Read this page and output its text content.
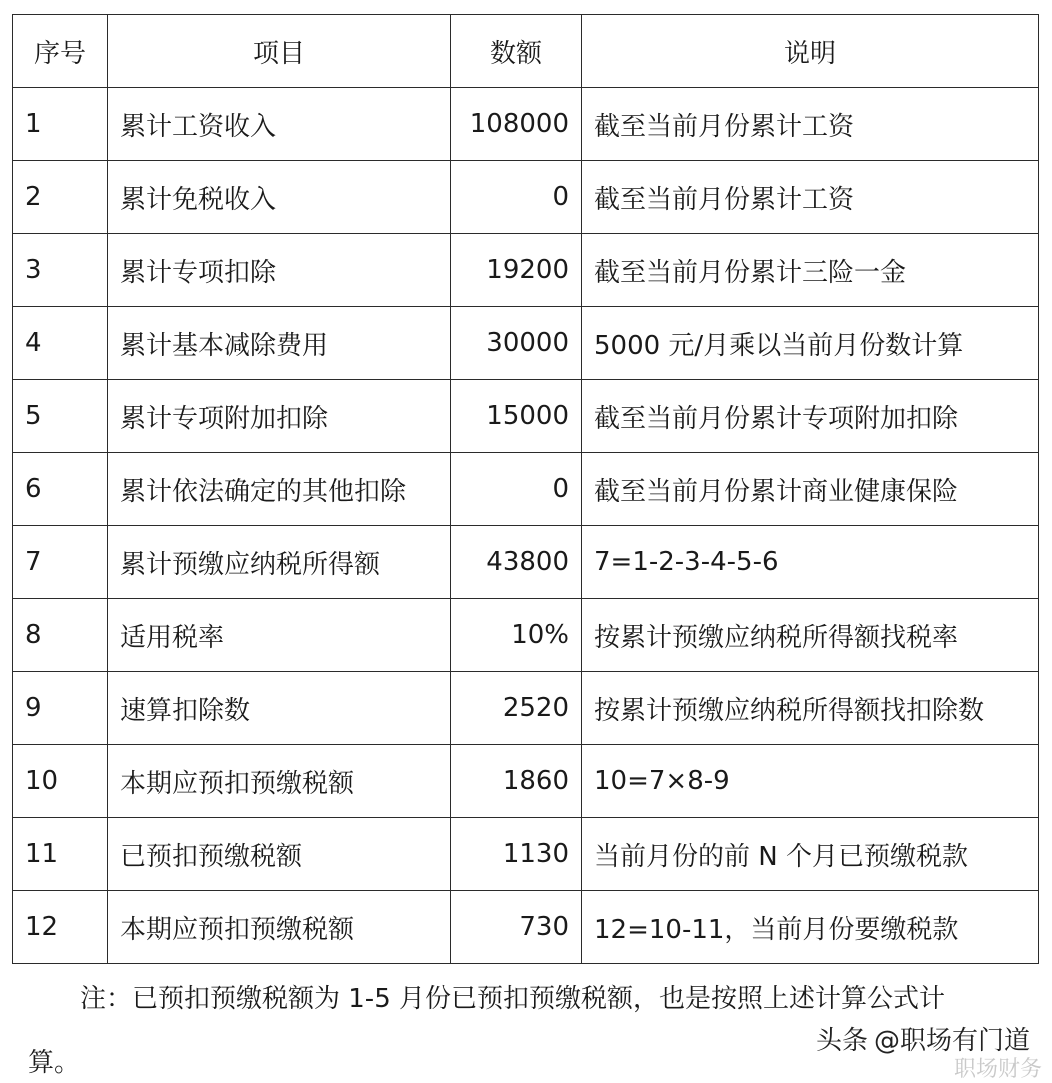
序号	项目	数额	说明
1	累计工资收入	108000	截至当前月份累计工资
2	累计免税收入	0	截至当前月份累计工资
3	累计专项扣除	19200	截至当前月份累计三险一金
4	累计基本减除费用	30000	5000 元/月乘以当前月份数计算
5	累计专项附加扣除	15000	截至当前月份累计专项附加扣除
6	累计依法确定的其他扣除	0	截至当前月份累计商业健康保险
7	累计预缴应纳税所得额	43800	7=1-2-3-4-5-6
8	适用税率	10%	按累计预缴应纳税所得额找税率
9	速算扣除数	2520	按累计预缴应纳税所得额找扣除数
10	本期应预扣预缴税额	1860	10=7×8-9
11	已预扣预缴税额	1130	当前月份的前 N 个月已预缴税款
12	本期应预扣预缴税额	730	12=10-11，当前月份要缴税款
注：已预扣预缴税额为 1-5 月份已预扣预缴税额，也是按照上述计算公式计
算。
头条 @职场有门道
职场财务
